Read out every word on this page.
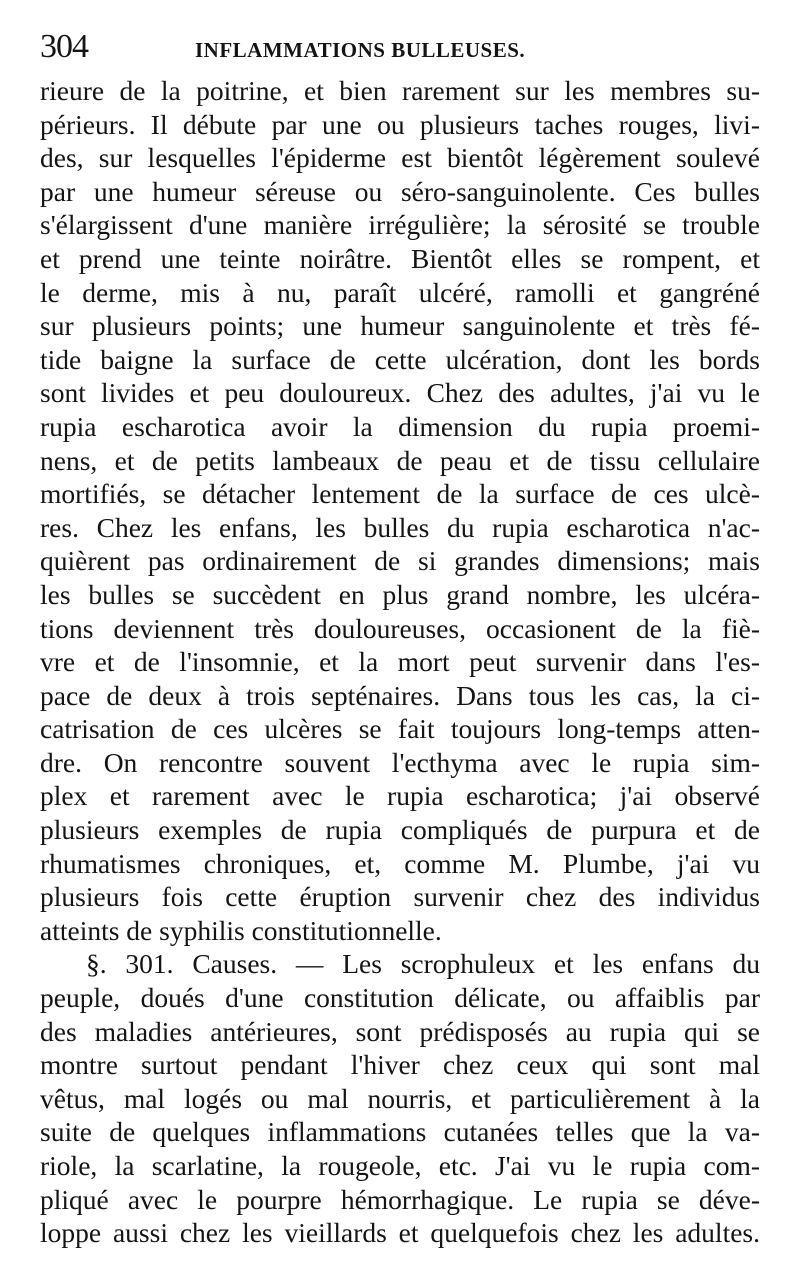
304	INFLAMMATIONS BULLEUSES.
rieure de la poitrine, et bien rarement sur les membres su-
périeurs. Il débute par une ou plusieurs taches rouges, livi-
des, sur lesquelles l'épiderme est bientôt légèrement soulevé
par une humeur séreuse ou séro-sanguinolente. Ces bulles
s'élargissent d'une manière irrégulière; la sérosité se trouble
et prend une teinte noirâtre. Bientôt elles se rompent, et
le derme, mis à nu, paraît ulcéré, ramolli et gangréné
sur plusieurs points; une humeur sanguinolente et très fé-
tide baigne la surface de cette ulcération, dont les bords
sont livides et peu douloureux. Chez des adultes, j'ai vu le
rupia escharotica avoir la dimension du rupia proemi-
nens, et de petits lambeaux de peau et de tissu cellulaire
mortifiés, se détacher lentement de la surface de ces ulcè-
res. Chez les enfans, les bulles du rupia escharotica n'ac-
quièrent pas ordinairement de si grandes dimensions; mais
les bulles se succèdent en plus grand nombre, les ulcéra-
tions deviennent très douloureuses, occasionent de la fiè-
vre et de l'insomnie, et la mort peut survenir dans l'es-
pace de deux à trois septénaires. Dans tous les cas, la ci-
catrisation de ces ulcères se fait toujours long-temps atten-
dre. On rencontre souvent l'ecthyma avec le rupia sim-
plex et rarement avec le rupia escharotica; j'ai observé
plusieurs exemples de rupia compliqués de purpura et de
rhumatismes chroniques, et, comme M. Plumbe, j'ai vu
plusieurs fois cette éruption survenir chez des individus
atteints de syphilis constitutionnelle.
§. 301. Causes. — Les scrophuleux et les enfans du
peuple, doués d'une constitution délicate, ou affaiblis par
des maladies antérieures, sont prédisposés au rupia qui se
montre surtout pendant l'hiver chez ceux qui sont mal
vêtus, mal logés ou mal nourris, et particulièrement à la
suite de quelques inflammations cutanées telles que la va-
riole, la scarlatine, la rougeole, etc. J'ai vu le rupia com-
pliqué avec le pourpre hémorrhagique. Le rupia se déve-
loppe aussi chez les vieillards et quelquefois chez les adultes.
